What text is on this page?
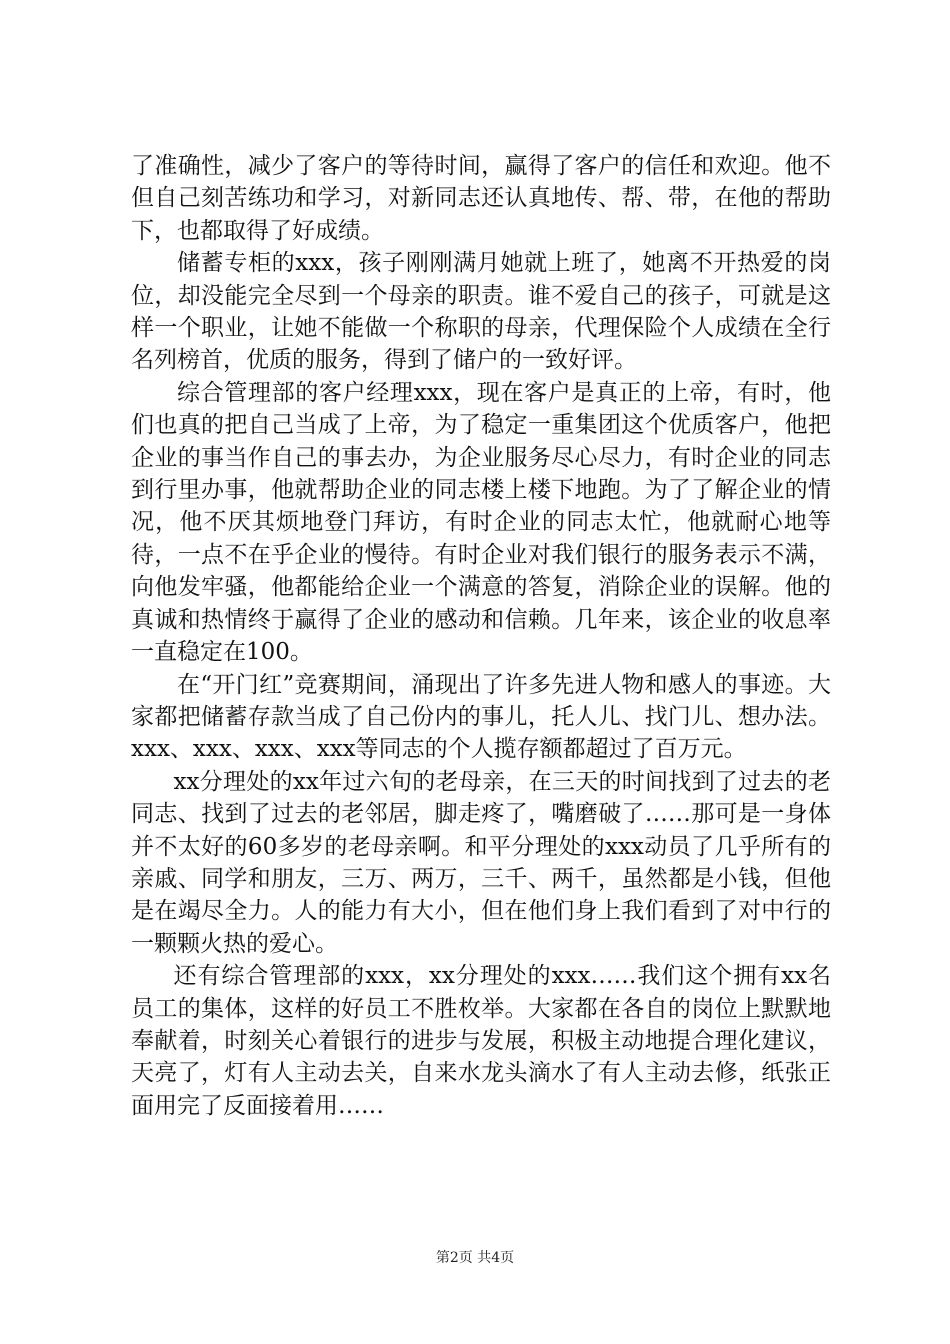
了准确性，减少了客户的等待时间，赢得了客户的信任和欢迎。他不但自己刻苦练功和学习，对新同志还认真地传、帮、带，在他的帮助下，也都取得了好成绩。

储蓄专柜的xxx，孩子刚刚满月她就上班了，她离不开热爱的岗位，却没能完全尽到一个母亲的职责。谁不爱自己的孩子，可就是这样一个职业，让她不能做一个称职的母亲，代理保险个人成绩在全行名列榜首，优质的服务，得到了储户的一致好评。

综合管理部的客户经理xxx，现在客户是真正的上帝，有时，他们也真的把自己当成了上帝，为了稳定一重集团这个优质客户，他把企业的事当作自己的事去办，为企业服务尽心尽力，有时企业的同志到行里办事，他就帮助企业的同志楼上楼下地跑。为了了解企业的情况，他不厌其烦地登门拜访，有时企业的同志太忙，他就耐心地等待，一点不在乎企业的慢待。有时企业对我们银行的服务表示不满，向他发牢骚，他都能给企业一个满意的答复，消除企业的误解。他的真诚和热情终于赢得了企业的感动和信赖。几年来，该企业的收息率一直稳定在100。

在“开门红”竞赛期间，涌现出了许多先进人物和感人的事迹。大家都把储蓄存款当成了自己份内的事儿，托人儿、找门儿、想办法。xxx、xxx、xxx、xxx等同志的个人揽存额都超过了百万元。

xx分理处的xx年过六旬的老母亲，在三天的时间找到了过去的老同志、找到了过去的老邻居，脚走疼了，嘴磨破了……那可是一身体并不太好的60多岁的老母亲啊。和平分理处的xxx动员了几乎所有的亲戚、同学和朋友，三万、两万，三千、两千，虽然都是小钱，但他是在竭尽全力。人的能力有大小，但在他们身上我们看到了对中行的一颗颗火热的爱心。

还有综合管理部的xxx，xx分理处的xxx……我们这个拥有xx名员工的集体，这样的好员工不胜枚举。大家都在各自的岗位上默默地奉献着，时刻关心着银行的进步与发展，积极主动地提合理化建议，天亮了，灯有人主动去关，自来水龙头滴水了有人主动去修，纸张正面用完了反面接着用……

第2页 共4页
